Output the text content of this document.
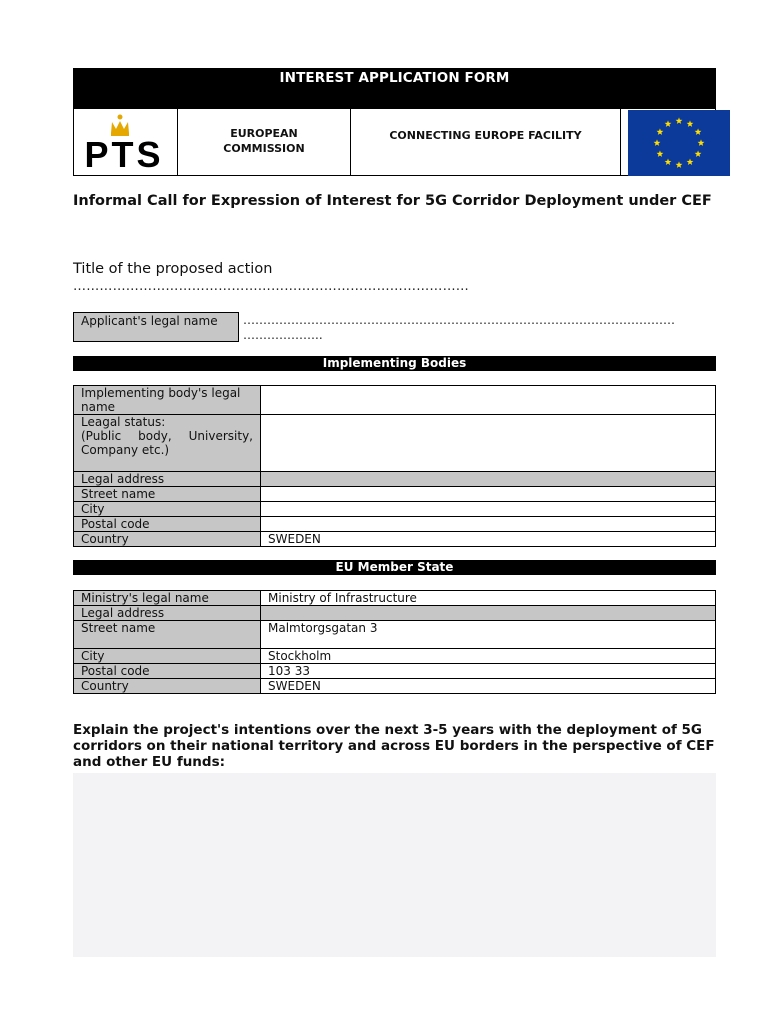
INTEREST APPLICATION FORM
PTS
EUROPEAN
COMMISSION
CONNECTING EUROPE FACILITY
Informal Call for Expression of Interest for 5G Corridor Deployment under CEF
Title of the proposed action
………………………………………………………………………………
Applicant's legal name	………………………………………………………………………………………………
………………..
Implementing Bodies
Implementing body's legal name	

Leagal status:
(Public body, University, Company etc.)	

Legal address	
Street name	
City	
Postal code	
Country	SWEDEN
EU Member State
Ministry's legal name	Ministry of Infrastructure
Legal address	
Street name	Malmtorgsgatan 3
City	Stockholm
Postal code	103 33
Country	SWEDEN
Explain the project's intentions over the next 3-5 years with the deployment of 5G corridors on their national territory and across EU borders in the perspective of CEF and other EU funds:
